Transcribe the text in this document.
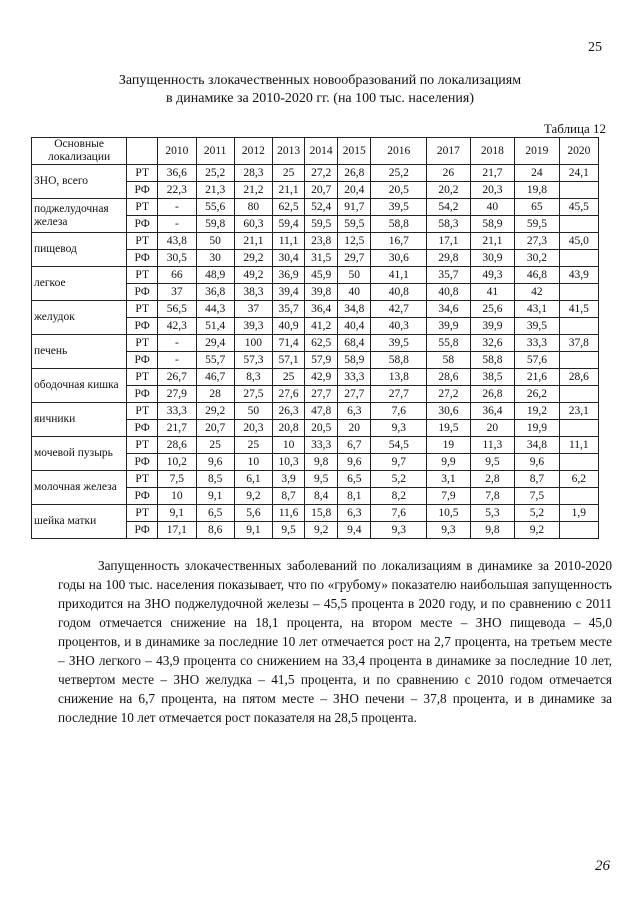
25
Запущенность злокачественных новообразований по локализациям
в динамике за 2010-2020 гг. (на 100 тыс. населения)
Таблица 12
Основные локализации		2010	2011	2012	2013	2014	2015	2016	2017	2018	2019	2020
ЗНО, всего	РТ	36,6	25,2	28,3	25	27,2	26,8	25,2	26	21,7	24	24,1
	РФ	22,3	21,3	21,2	21,1	20,7	20,4	20,5	20,2	20,3	19,8	
поджелудочная железа	РТ	-	55,6	80	62,5	52,4	91,7	39,5	54,2	40	65	45,5
	РФ	-	59,8	60,3	59,4	59,5	59,5	58,8	58,3	58,9	59,5	
пищевод	РТ	43,8	50	21,1	11,1	23,8	12,5	16,7	17,1	21,1	27,3	45,0
	РФ	30,5	30	29,2	30,4	31,5	29,7	30,6	29,8	30,9	30,2	
легкое	РТ	66	48,9	49,2	36,9	45,9	50	41,1	35,7	49,3	46,8	43,9
	РФ	37	36,8	38,3	39,4	39,8	40	40,8	40,8	41	42	
желудок	РТ	56,5	44,3	37	35,7	36,4	34,8	42,7	34,6	25,6	43,1	41,5
	РФ	42,3	51,4	39,3	40,9	41,2	40,4	40,3	39,9	39,9	39,5	
печень	РТ	-	29,4	100	71,4	62,5	68,4	39,5	55,8	32,6	33,3	37,8
	РФ	-	55,7	57,3	57,1	57,9	58,9	58,8	58	58,8	57,6	
ободочная кишка	РТ	26,7	46,7	8,3	25	42,9	33,3	13,8	28,6	38,5	21,6	28,6
	РФ	27,9	28	27,5	27,6	27,7	27,7	27,7	27,2	26,8	26,2	
яичники	РТ	33,3	29,2	50	26,3	47,8	6,3	7,6	30,6	36,4	19,2	23,1
	РФ	21,7	20,7	20,3	20,8	20,5	20	9,3	19,5	20	19,9	
мочевой пузырь	РТ	28,6	25	25	10	33,3	6,7	54,5	19	11,3	34,8	11,1
	РФ	10,2	9,6	10	10,3	9,8	9,6	9,7	9,9	9,5	9,6	
молочная железа	РТ	7,5	8,5	6,1	3,9	9,5	6,5	5,2	3,1	2,8	8,7	6,2
	РФ	10	9,1	9,2	8,7	8,4	8,1	8,2	7,9	7,8	7,5	
шейка матки	РТ	9,1	6,5	5,6	11,6	15,8	6,3	7,6	10,5	5,3	5,2	1,9
	РФ	17,1	8,6	9,1	9,5	9,2	9,4	9,3	9,3	9,8	9,2	
Запущенность злокачественных заболеваний по локализациям в динамике за 2010-2020 годы на 100 тыс. населения показывает, что по «грубому» показателю наибольшая запущенность приходится на ЗНО поджелудочной железы – 45,5 процента в 2020 году, и по сравнению с 2011 годом отмечается снижение на 18,1 процента, на втором месте – ЗНО пищевода – 45,0 процентов, и в динамике за последние 10 лет отмечается рост на 2,7 процента, на третьем месте – ЗНО легкого – 43,9 процента со снижением на 33,4 процента в динамике за последние 10 лет, четвертом месте – ЗНО желудка – 41,5 процента, и по сравнению с 2010 годом отмечается снижение на 6,7 процента, на пятом месте – ЗНО печени – 37,8 процента, и в динамике за последние 10 лет отмечается рост показателя на 28,5 процента.
26
